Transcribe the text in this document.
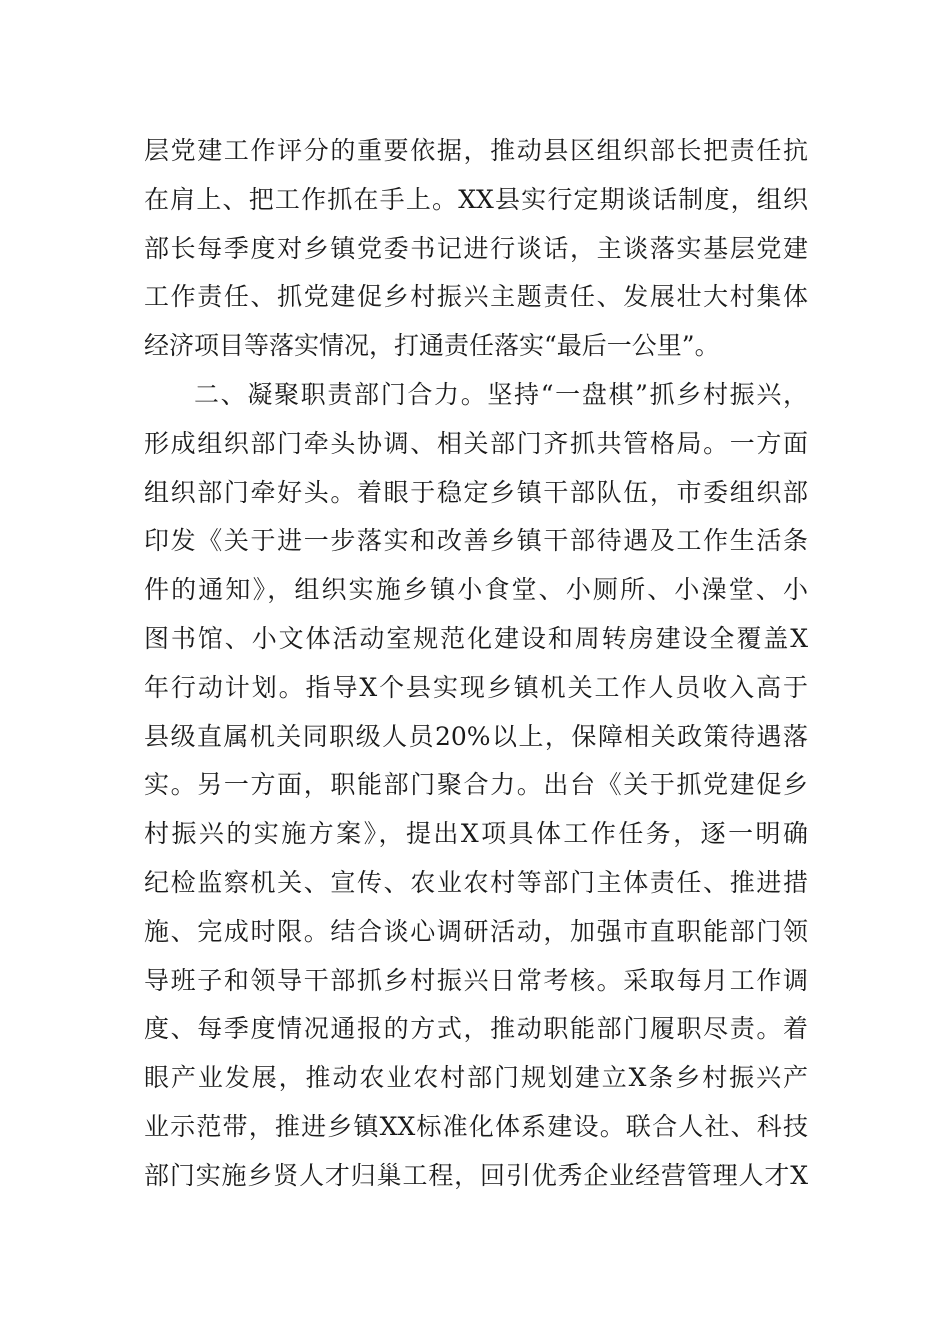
层党建工作评分的重要依据，推动县区组织部长把责任抗
在肩上、把工作抓在手上。XX县实行定期谈话制度，组织
部长每季度对乡镇党委书记进行谈话，主谈落实基层党建
工作责任、抓党建促乡村振兴主题责任、发展壮大村集体
经济项目等落实情况，打通责任落实“最后一公里”。
二、凝聚职责部门合力。坚持“一盘棋”抓乡村振兴，
形成组织部门牵头协调、相关部门齐抓共管格局。一方面
组织部门牵好头。着眼于稳定乡镇干部队伍，市委组织部
印发《关于进一步落实和改善乡镇干部待遇及工作生活条
件的通知》，组织实施乡镇小食堂、小厕所、小澡堂、小
图书馆、小文体活动室规范化建设和周转房建设全覆盖X
年行动计划。指导X个县实现乡镇机关工作人员收入高于
县级直属机关同职级人员20%以上，保障相关政策待遇落
实。另一方面，职能部门聚合力。出台《关于抓党建促乡
村振兴的实施方案》，提出X项具体工作任务，逐一明确
纪检监察机关、宣传、农业农村等部门主体责任、推进措
施、完成时限。结合谈心调研活动，加强市直职能部门领
导班子和领导干部抓乡村振兴日常考核。采取每月工作调
度、每季度情况通报的方式，推动职能部门履职尽责。着
眼产业发展，推动农业农村部门规划建立X条乡村振兴产
业示范带，推进乡镇XX标准化体系建设。联合人社、科技
部门实施乡贤人才归巢工程，回引优秀企业经营管理人才X
